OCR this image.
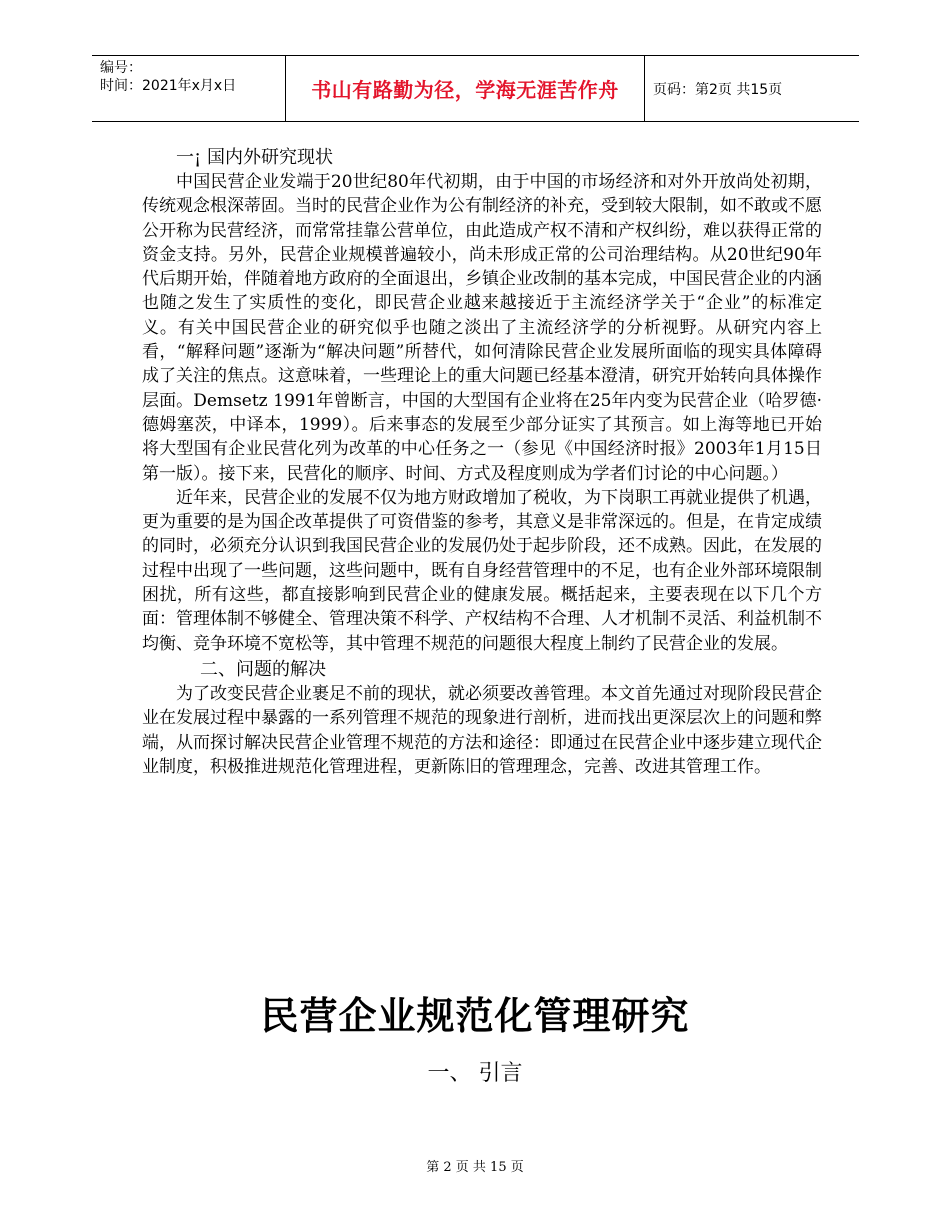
编号：
时间：2021年x月x日	书山有路勤为径，学海无涯苦作舟	页码：第2页 共15页

一¡ 国内外研究现状

中国民营企业发端于20世纪80年代初期，由于中国的市场经济和对外开放尚处初期，传统观念根深蒂固。当时的民营企业作为公有制经济的补充，受到较大限制，如不敢或不愿公开称为民营经济，而常常挂靠公营单位，由此造成产权不清和产权纠纷，难以获得正常的资金支持。另外，民营企业规模普遍较小，尚未形成正常的公司治理结构。从20世纪90年代后期开始，伴随着地方政府的全面退出，乡镇企业改制的基本完成，中国民营企业的内涵也随之发生了实质性的变化，即民营企业越来越接近于主流经济学关于“企业”的标准定义。有关中国民营企业的研究似乎也随之淡出了主流经济学的分析视野。从研究内容上看，“解释问题”逐渐为“解决问题”所替代，如何清除民营企业发展所面临的现实具体障碍成了关注的焦点。这意味着，一些理论上的重大问题已经基本澄清，研究开始转向具体操作层面。Demsetz 1991年曾断言，中国的大型国有企业将在25年内变为民营企业（哈罗德·德姆塞茨，中译本，1999）。后来事态的发展至少部分证实了其预言。如上海等地已开始将大型国有企业民营化列为改革的中心任务之一（参见《中国经济时报》2003年1月15日第一版）。接下来，民营化的顺序、时间、方式及程度则成为学者们讨论的中心问题。）

近年来，民营企业的发展不仅为地方财政增加了税收，为下岗职工再就业提供了机遇，更为重要的是为国企改革提供了可资借鉴的参考，其意义是非常深远的。但是，在肯定成绩的同时，必须充分认识到我国民营企业的发展仍处于起步阶段，还不成熟。因此，在发展的过程中出现了一些问题，这些问题中，既有自身经营管理中的不足，也有企业外部环境限制困扰，所有这些，都直接影响到民营企业的健康发展。概括起来，主要表现在以下几个方面：管理体制不够健全、管理决策不科学、产权结构不合理、人才机制不灵活、利益机制不均衡、竞争环境不宽松等，其中管理不规范的问题很大程度上制约了民营企业的发展。

二、问题的解决

为了改变民营企业裹足不前的现状，就必须要改善管理。本文首先通过对现阶段民营企业在发展过程中暴露的一系列管理不规范的现象进行剖析，进而找出更深层次上的问题和弊端，从而探讨解决民营企业管理不规范的方法和途径：即通过在民营企业中逐步建立现代企业制度，积极推进规范化管理进程，更新陈旧的管理理念，完善、改进其管理工作。

民营企业规范化管理研究
一、 引言
第 2 页 共 15 页
